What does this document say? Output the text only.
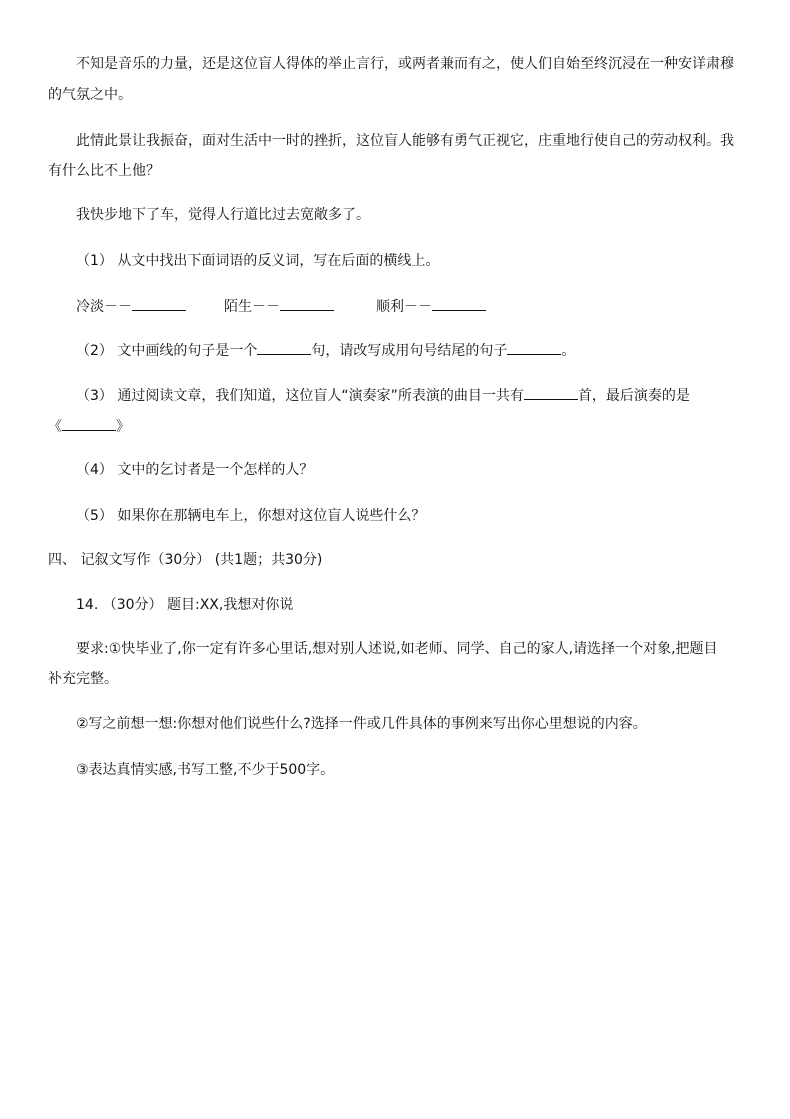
不知是音乐的力量，还是这位盲人得体的举止言行，或两者兼而有之，使人们自始至终沉浸在一种安详肃穆
的气氛之中。
此情此景让我振奋，面对生活中一时的挫折，这位盲人能够有勇气正视它，庄重地行使自己的劳动权利。我
有什么比不上他？
我快步地下了车，觉得人行道比过去宽敞多了。
（1） 从文中找出下面词语的反义词，写在后面的横线上。
冷淡－－	陌生－－	顺利－－
（2） 文中画线的句子是一个	句，请改写成用句号结尾的句子	。
（3） 通过阅读文章，我们知道，这位盲人“演奏家”所表演的曲目一共有	首，最后演奏的是
《	》
（4） 文中的乞讨者是一个怎样的人？
（5） 如果你在那辆电车上，你想对这位盲人说些什么？
四、 记叙文写作（30分） (共1题；共30分)
14. （30分） 题目:XX,我想对你说
要求:①快毕业了,你一定有许多心里话,想对别人述说,如老师、同学、自己的家人,请选择一个对象,把题目
补充完整。
②写之前想一想:你想对他们说些什么?选择一件或几件具体的事例来写出你心里想说的内容。
③表达真情实感,书写工整,不少于500字。
